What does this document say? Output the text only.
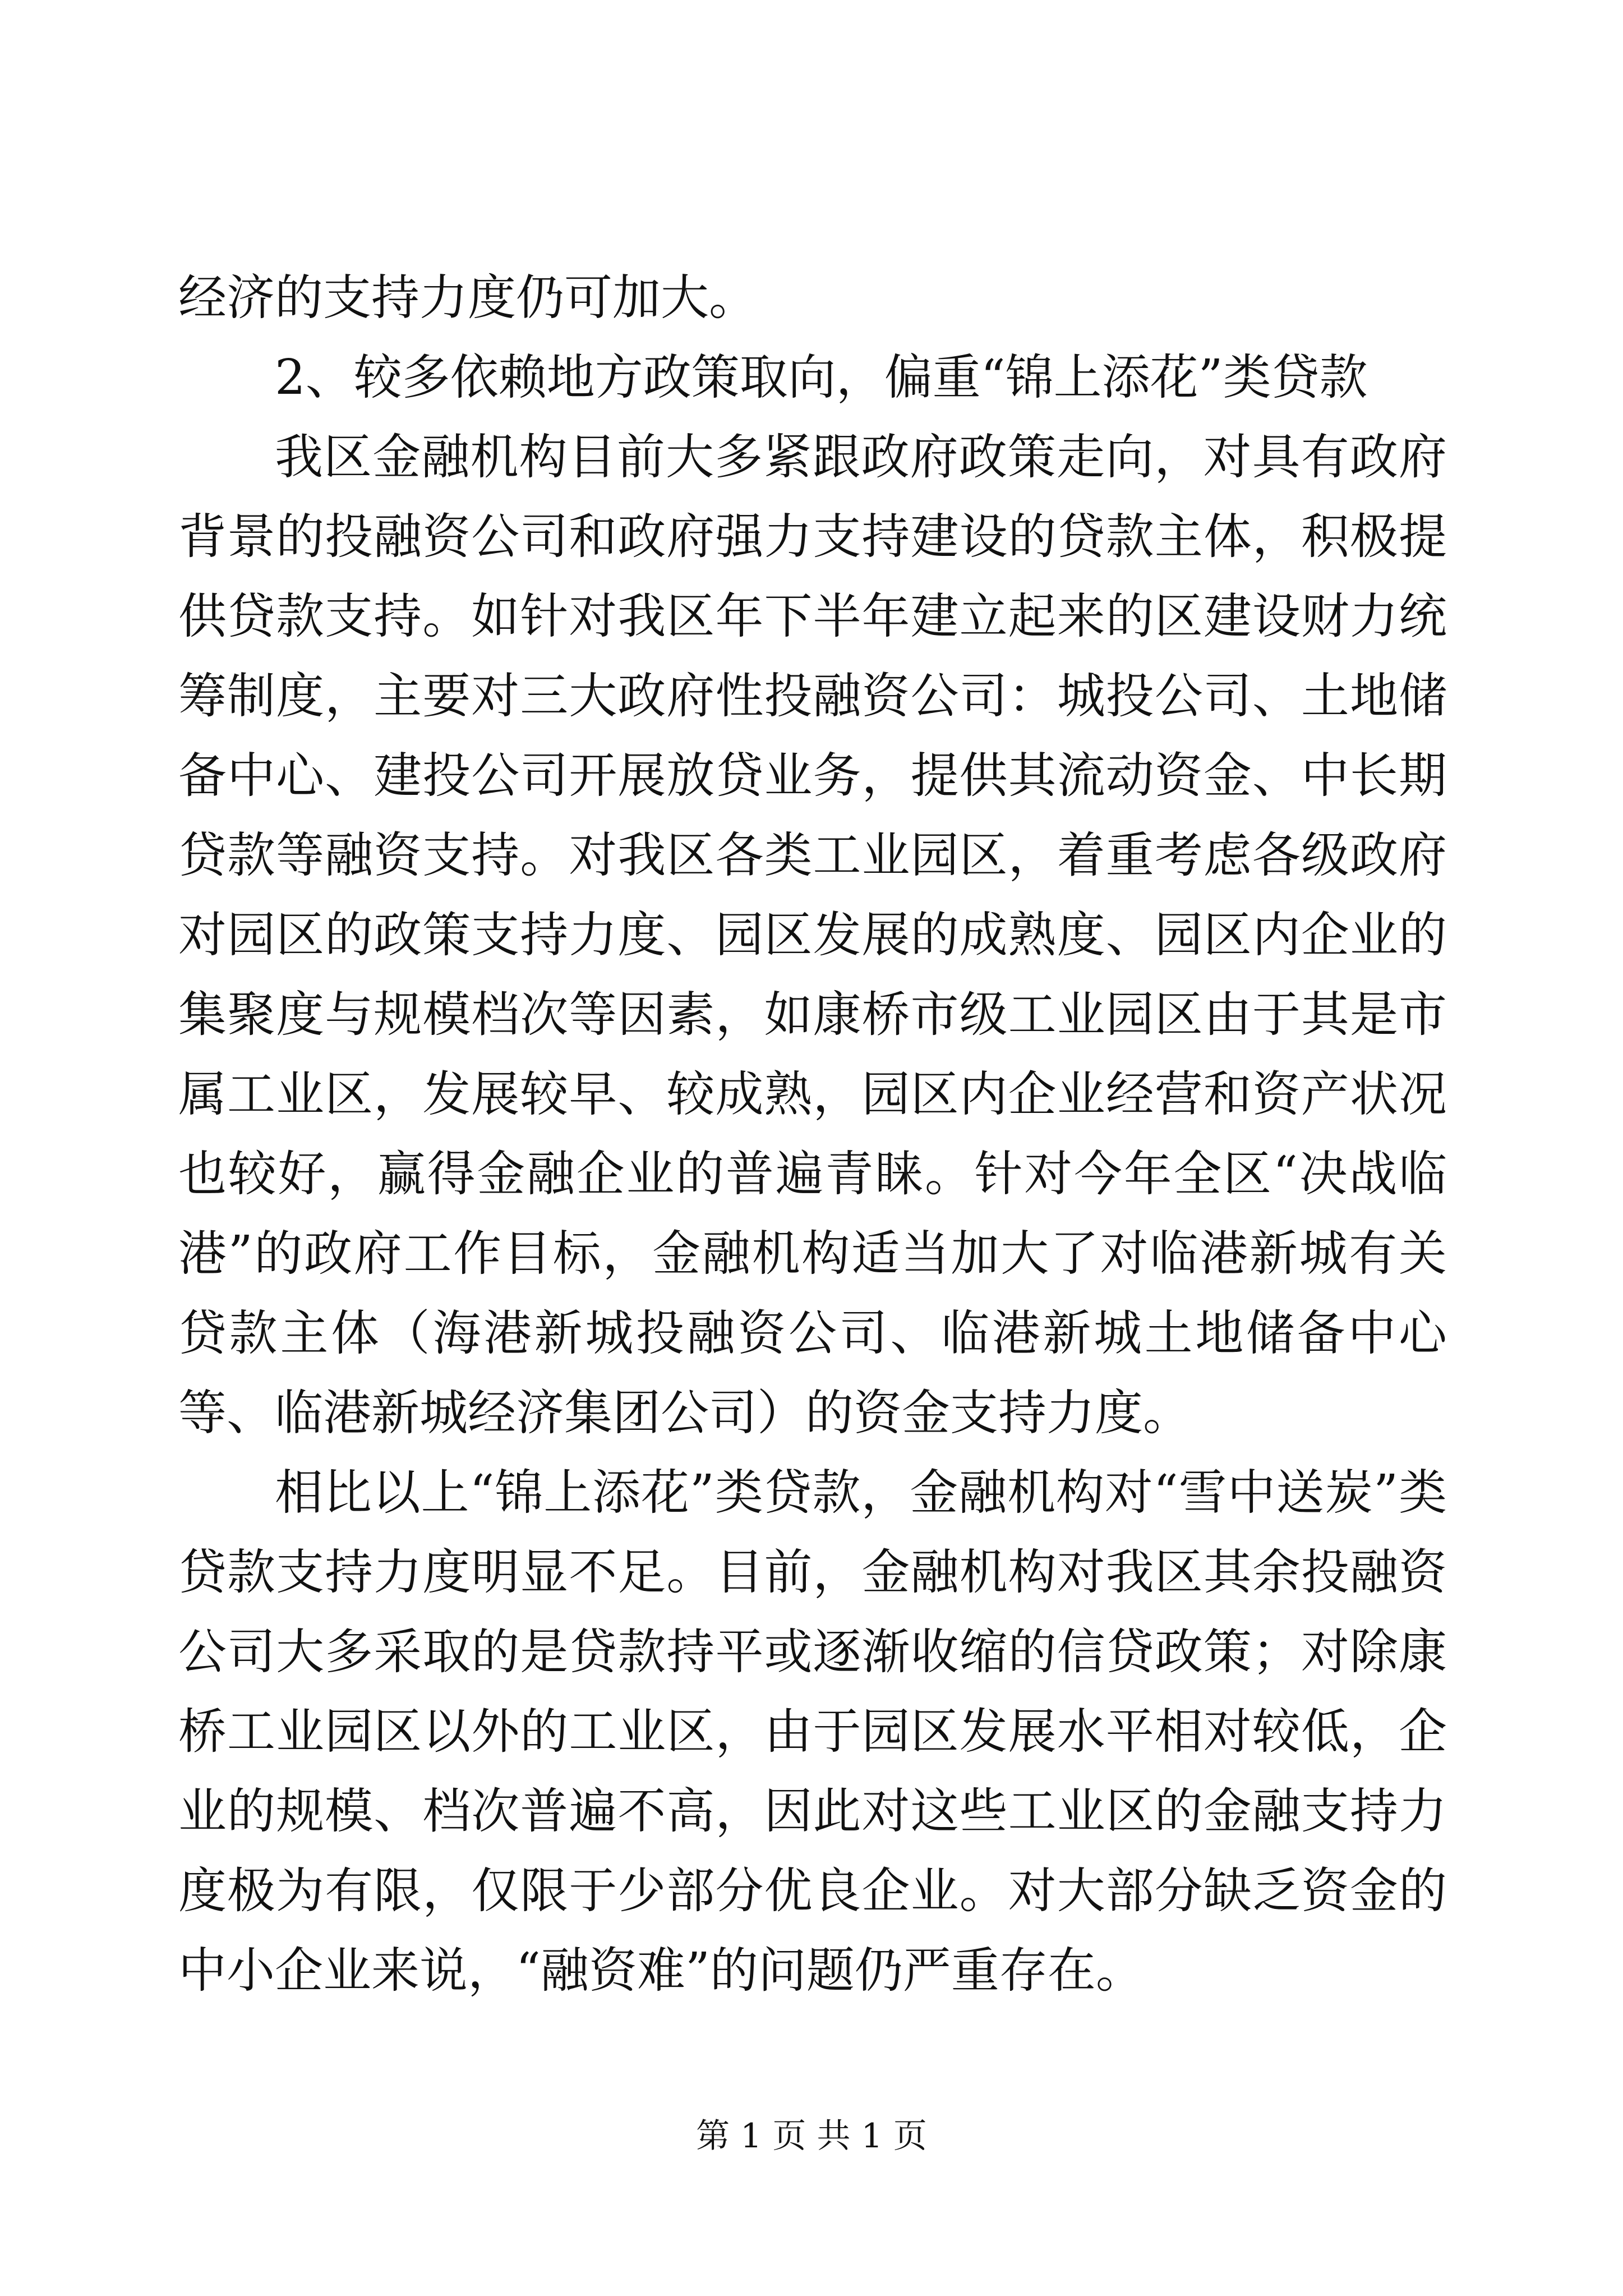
经济的支持力度仍可加大。

2、较多依赖地方政策取向，偏重“锦上添花”类贷款

我区金融机构目前大多紧跟政府政策走向，对具有政府背景的投融资公司和政府强力支持建设的贷款主体，积极提供贷款支持。如针对我区年下半年建立起来的区建设财力统筹制度，主要对三大政府性投融资公司：城投公司、土地储备中心、建投公司开展放贷业务，提供其流动资金、中长期贷款等融资支持。对我区各类工业园区，着重考虑各级政府对园区的政策支持力度、园区发展的成熟度、园区内企业的集聚度与规模档次等因素，如康桥市级工业园区由于其是市属工业区，发展较早、较成熟，园区内企业经营和资产状况也较好，赢得金融企业的普遍青睐。针对今年全区“决战临港”的政府工作目标，金融机构适当加大了对临港新城有关贷款主体（海港新城投融资公司、临港新城土地储备中心等、临港新城经济集团公司）的资金支持力度。

相比以上“锦上添花”类贷款，金融机构对“雪中送炭”类贷款支持力度明显不足。目前，金融机构对我区其余投融资公司大多采取的是贷款持平或逐渐收缩的信贷政策；对除康桥工业园区以外的工业区，由于园区发展水平相对较低，企业的规模、档次普遍不高，因此对这些工业区的金融支持力度极为有限，仅限于少部分优良企业。对大部分缺乏资金的中小企业来说，“融资难”的问题仍严重存在。

第 1 页 共 1 页
